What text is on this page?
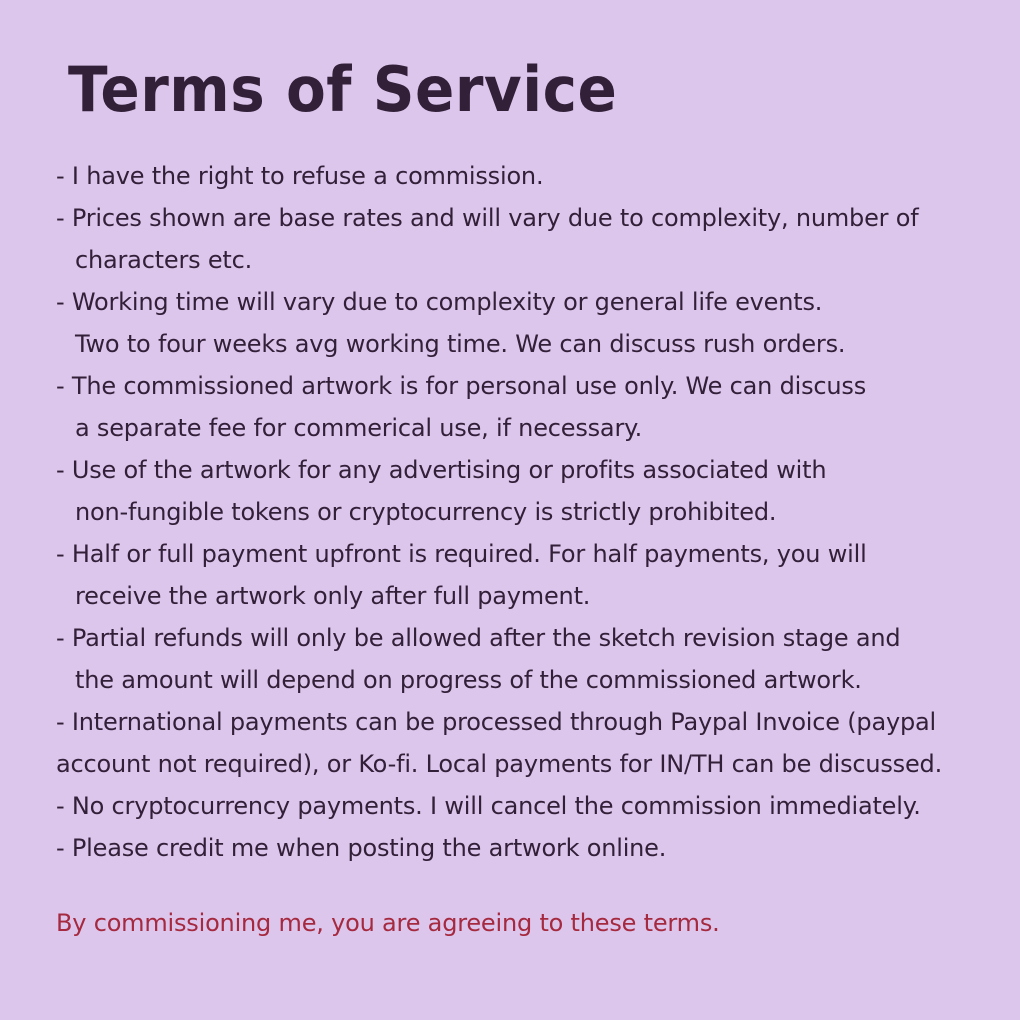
Terms of Service
- I have the right to refuse a commission.
- Prices shown are base rates and will vary due to complexity, number of
characters etc.
- Working time will vary due to complexity or general life events.
Two to four weeks avg working time. We can discuss rush orders.
- The commissioned artwork is for personal use only. We can discuss
a separate fee for commerical use, if necessary.
- Use of the artwork for any advertising or profits associated with
non-fungible tokens or cryptocurrency is strictly prohibited.
- Half or full payment upfront is required. For half payments, you will
receive the artwork only after full payment.
- Partial refunds will only be allowed after the sketch revision stage and
the amount will depend on progress of the commissioned artwork.
- International payments can be processed through Paypal Invoice (paypal
account not required), or Ko-fi. Local payments for IN/TH can be discussed.
- No cryptocurrency payments. I will cancel the commission immediately.
- Please credit me when posting the artwork online.

By commissioning me, you are agreeing to these terms.
